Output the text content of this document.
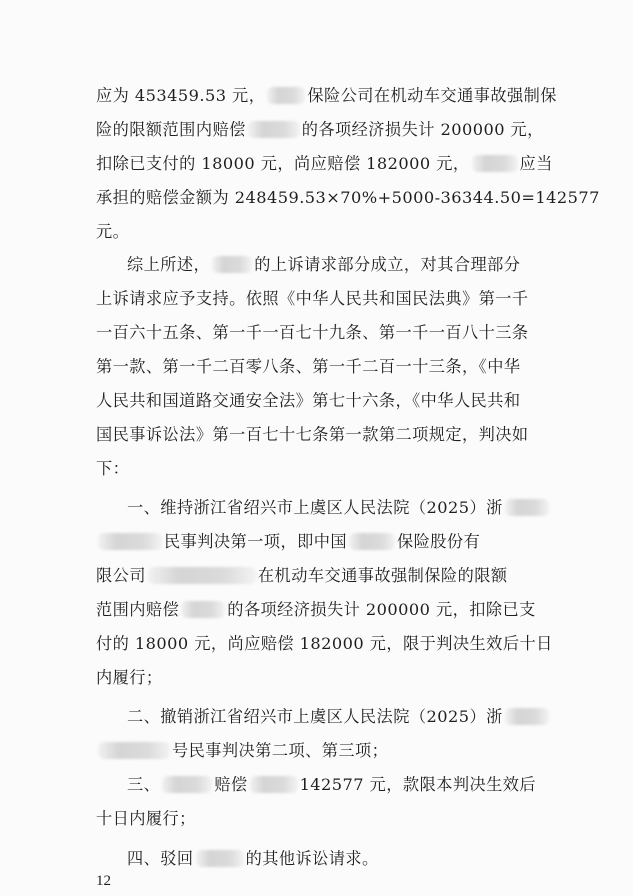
应为 453459.53 元，	保险公司在机动车交通事故强制保
险的限额范围内赔偿	的各项经济损失计 200000 元，
扣除已支付的 18000 元，尚应赔偿 182000 元，	应当
承担的赔偿金额为 248459.53×70%+5000-36344.50=142577
元。
综上所述，	的上诉请求部分成立，对其合理部分
上诉请求应予支持。依照《中华人民共和国民法典》第一千
一百六十五条、第一千一百七十九条、第一千一百八十三条
第一款、第一千二百零八条、第一千二百一十三条，《中华
人民共和国道路交通安全法》第七十六条，《中华人民共和
国民事诉讼法》第一百七十七条第一款第二项规定，判决如
下：
一、维持浙江省绍兴市上虞区人民法院（2025）浙
民事判决第一项，即中国	保险股份有
限公司	在机动车交通事故强制保险的限额
范围内赔偿	的各项经济损失计 200000 元，扣除已支
付的 18000 元，尚应赔偿 182000 元，限于判决生效后十日
内履行；
二、撤销浙江省绍兴市上虞区人民法院（2025）浙
号民事判决第二项、第三项；
三、	赔偿	142577 元，款限本判决生效后
十日内履行；
四、驳回	的其他诉讼请求。
12
